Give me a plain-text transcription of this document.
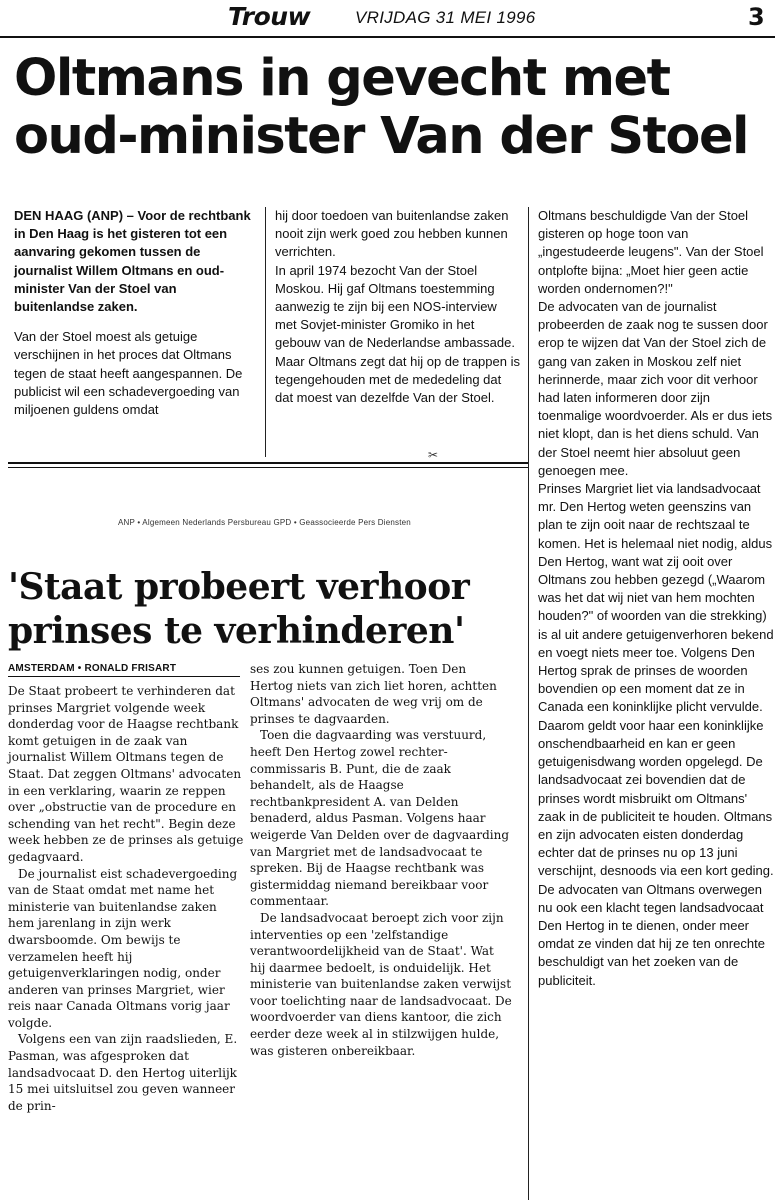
Trouw	VRIJDAG 31 MEI 1996	3
Oltmans in gevecht met
oud-minister Van der Stoel

DEN HAAG (ANP) – Voor de rechtbank in Den Haag is het gisteren tot een aanvaring gekomen tussen de journalist Willem Oltmans en oud-minister Van der Stoel van buitenlandse zaken.

Van der Stoel moest als getuige verschijnen in het proces dat Oltmans tegen de staat heeft aangespannen. De publicist wil een schadevergoeding van miljoenen guldens omdat

hij door toedoen van buitenlandse zaken nooit zijn werk goed zou hebben kunnen verrichten.

In april 1974 bezocht Van der Stoel Moskou. Hij gaf Oltmans toestemming aanwezig te zijn bij een NOS-interview met Sovjet-minister Gromiko in het gebouw van de Nederlandse ambassade. Maar Oltmans zegt dat hij op de trappen is tegengehouden met de mededeling dat dat moest van dezelfde Van der Stoel.

Oltmans beschuldigde Van der Stoel gisteren op hoge toon van „ingestudeerde leugens". Van der Stoel ontplofte bijna: „Moet hier geen actie worden ondernomen?!"

De advocaten van de journalist probeerden de zaak nog te sussen door erop te wijzen dat Van der Stoel zich de gang van zaken in Moskou zelf niet herinnerde, maar zich voor dit verhoor had laten informeren door zijn toenmalige woordvoerder. Als er dus iets niet klopt, dan is het diens schuld. Van der Stoel neemt hier absoluut geen genoegen mee.

Prinses Margriet liet via landsadvocaat mr. Den Hertog weten geenszins van plan te zijn ooit naar de rechtszaal te komen. Het is helemaal niet nodig, aldus Den Hertog, want wat zij ooit over Oltmans zou hebben gezegd („Waarom was het dat wij niet van hem mochten houden?" of woorden van die strekking) is al uit andere getuigenverhoren bekend en voegt niets meer toe. Volgens Den Hertog sprak de prinses de woorden bovendien op een moment dat ze in Canada een koninklijke plicht vervulde. Daarom geldt voor haar een koninklijke onschendbaarheid en kan er geen getuigenisdwang worden opgelegd. De landsadvocaat zei bovendien dat de prinses wordt misbruikt om Oltmans' zaak in de publiciteit te houden. Oltmans en zijn advocaten eisten donderdag echter dat de prinses nu op 13 juni verschijnt, desnoods via een kort geding.

De advocaten van Oltmans overwegen nu ook een klacht tegen landsadvocaat Den Hertog in te dienen, onder meer omdat ze vinden dat hij ze ten onrechte beschuldigt van het zoeken van de publiciteit.

✂
ANP • Algemeen Nederlands Persbureau GPD • Geassocieerde Pers Diensten
'Staat probeert verhoor
prinses te verhinderen'
AMSTERDAM • RONALD FRISART

De Staat probeert te verhinderen dat prinses Margriet volgende week donderdag voor de Haagse rechtbank komt getuigen in de zaak van journalist Willem Oltmans tegen de Staat. Dat zeggen Oltmans' advocaten in een verklaring, waarin ze reppen over „obstructie van de procedure en schending van het recht". Begin deze week hebben ze de prinses als getuige gedagvaard.

De journalist eist schadevergoeding van de Staat omdat met name het ministerie van buitenlandse zaken hem jarenlang in zijn werk dwarsboomde. Om bewijs te verzamelen heeft hij getuigenverklaringen nodig, onder anderen van prinses Margriet, wier reis naar Canada Oltmans vorig jaar volgde.

Volgens een van zijn raadslieden, E. Pasman, was afgesproken dat landsadvocaat D. den Hertog uiterlijk 15 mei uitsluitsel zou geven wanneer de prin-

ses zou kunnen getuigen. Toen Den Hertog niets van zich liet horen, achtten Oltmans' advocaten de weg vrij om de prinses te dagvaarden.

Toen die dagvaarding was verstuurd, heeft Den Hertog zowel rechter-commissaris B. Punt, die de zaak behandelt, als de Haagse rechtbankpresident A. van Delden benaderd, aldus Pasman. Volgens haar weigerde Van Delden over de dagvaarding van Margriet met de landsadvocaat te spreken. Bij de Haagse rechtbank was gistermiddag niemand bereikbaar voor commentaar.

De landsadvocaat beroept zich voor zijn interventies op een 'zelfstandige verantwoordelijkheid van de Staat'. Wat hij daarmee bedoelt, is onduidelijk. Het ministerie van buitenlandse zaken verwijst voor toelichting naar de landsadvocaat. De woordvoerder van diens kantoor, die zich eerder deze week al in stilzwijgen hulde, was gisteren onbereikbaar.
